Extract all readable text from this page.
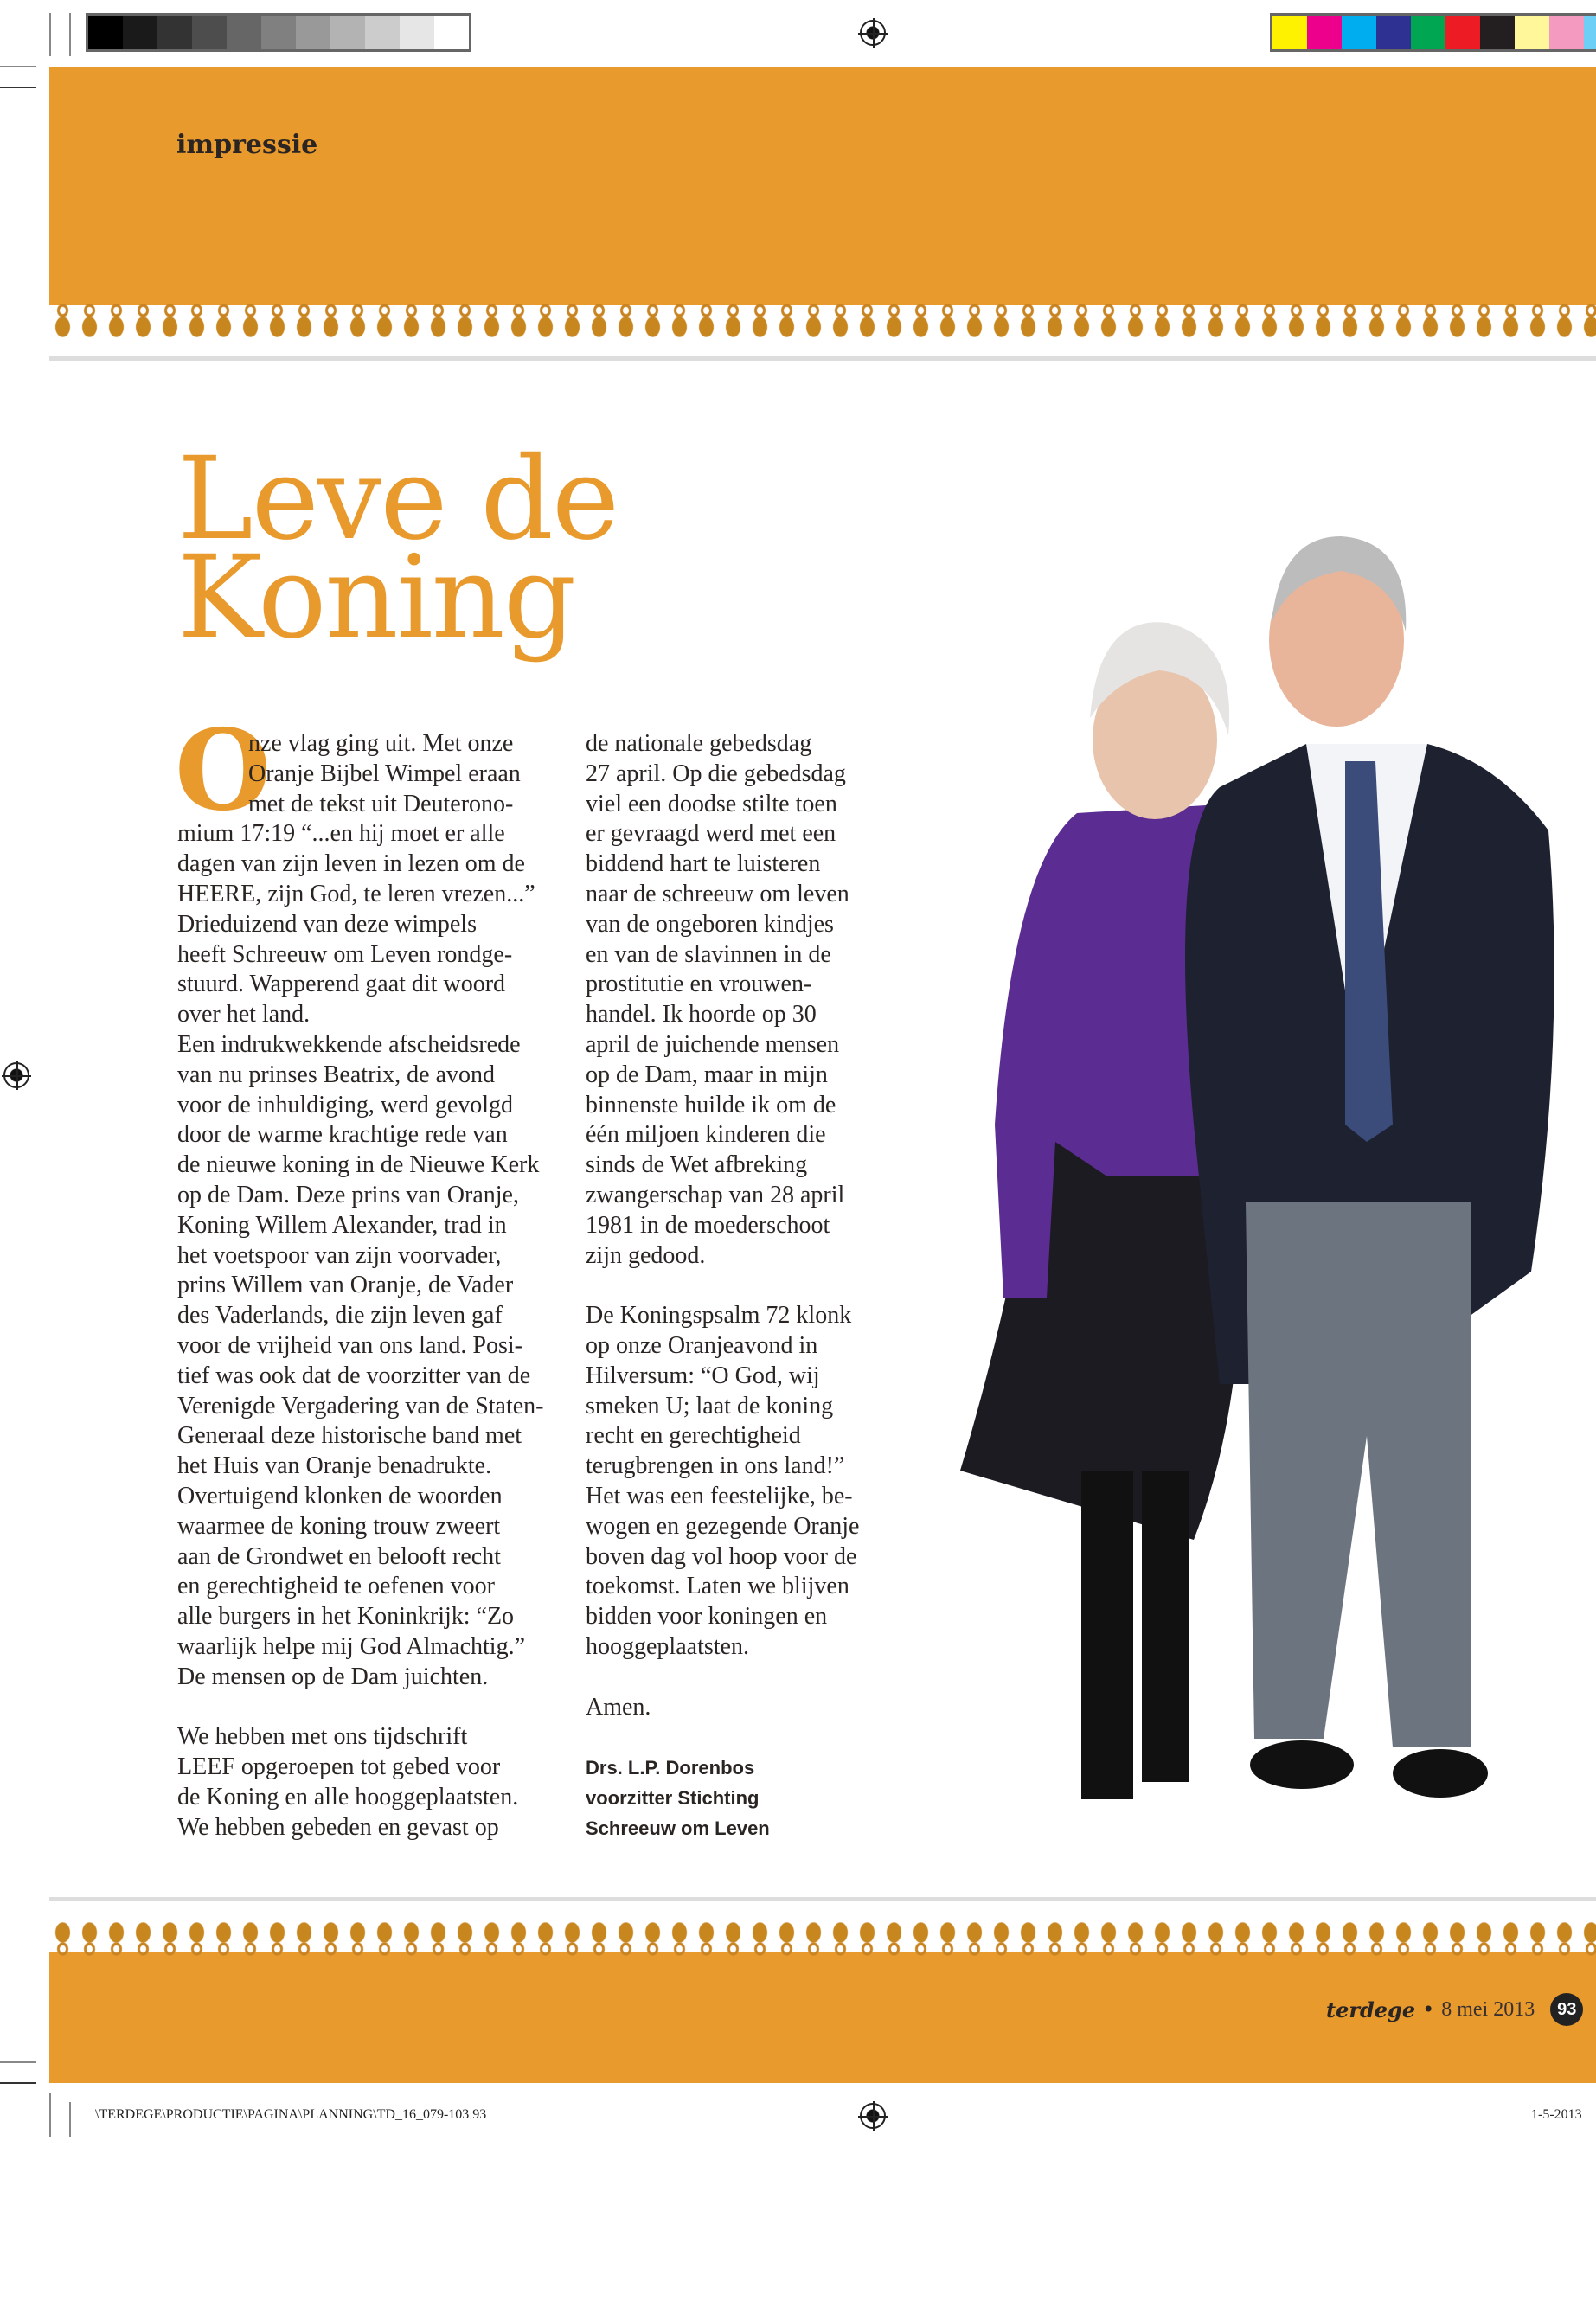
impressie
Leve de
Koning
O
nze vlag ging uit. Met onze
Oranje Bijbel Wimpel eraan
met de tekst uit Deuterono-
mium 17:19 “...en hij moet er alle
dagen van zijn leven in lezen om de
HEERE, zijn God, te leren vrezen...”
Drieduizend van deze wimpels
heeft Schreeuw om Leven rondge-
stuurd. Wapperend gaat dit woord
over het land.
Een indrukwekkende afscheidsrede
van nu prinses Beatrix, de avond
voor de inhuldiging, werd gevolgd
door de warme krachtige rede van
de nieuwe koning in de Nieuwe Kerk
op de Dam. Deze prins van Oranje,
Koning Willem Alexander, trad in
het voetspoor van zijn voorvader,
prins Willem van Oranje, de Vader
des Vaderlands, die zijn leven gaf
voor de vrijheid van ons land. Posi-
tief was ook dat de voorzitter van de
Verenigde Vergadering van de Staten-
Generaal deze historische band met
het Huis van Oranje benadrukte.
Overtuigend klonken de woorden
waarmee de koning trouw zweert
aan de Grondwet en belooft recht
en gerechtigheid te oefenen voor
alle burgers in het Koninkrijk: “Zo
waarlijk helpe mij God Almachtig.”
De mensen op de Dam juichten.
We hebben met ons tijdschrift
LEEF opgeroepen tot gebed voor
de Koning en alle hooggeplaatsten.
We hebben gebeden en gevast op
de nationale gebedsdag
27 april. Op die gebedsdag
viel een doodse stilte toen
er gevraagd werd met een
biddend hart te luisteren
naar de schreeuw om leven
van de ongeboren kindjes
en van de slavinnen in de
prostitutie en vrouwen-
handel. Ik hoorde op 30
april de juichende mensen
op de Dam, maar in mijn
binnenste huilde ik om de
één miljoen kinderen die
sinds de Wet afbreking
zwangerschap van 28 april
1981 in de moederschoot
zijn gedood.
De Koningspsalm 72 klonk
op onze Oranjeavond in
Hilversum: “O God, wij
smeken U; laat de koning
recht en gerechtigheid
terugbrengen in ons land!”
Het was een feestelijke, be-
wogen en gezegende Oranje
boven dag vol hoop voor de
toekomst. Laten we blijven
bidden voor koningen en
hooggeplaatsten.
Amen.
Drs. L.P. Dorenbos
voorzitter Stichting
Schreeuw om Leven
terdege • 8 mei 2013	93
\TERDEGE\PRODUCTIE\PAGINA\PLANNING\TD_16_079-103 93	1-5-2013
